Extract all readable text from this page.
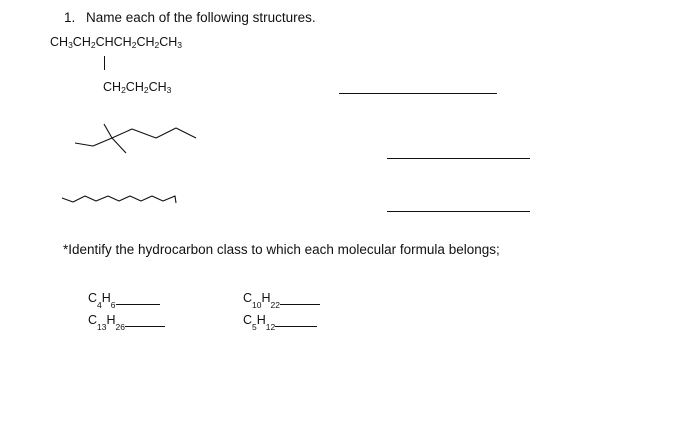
1. Name each of the following structures.
$CH_3CH_2CHCH_2CH_2CH_3$
$CH_2CH_2CH_3$
*Identify the hydrocarbon class to which each molecular formula belongs;
C 4 H 6	C 10 H 22
C 13 H 26	C 5 H 12
